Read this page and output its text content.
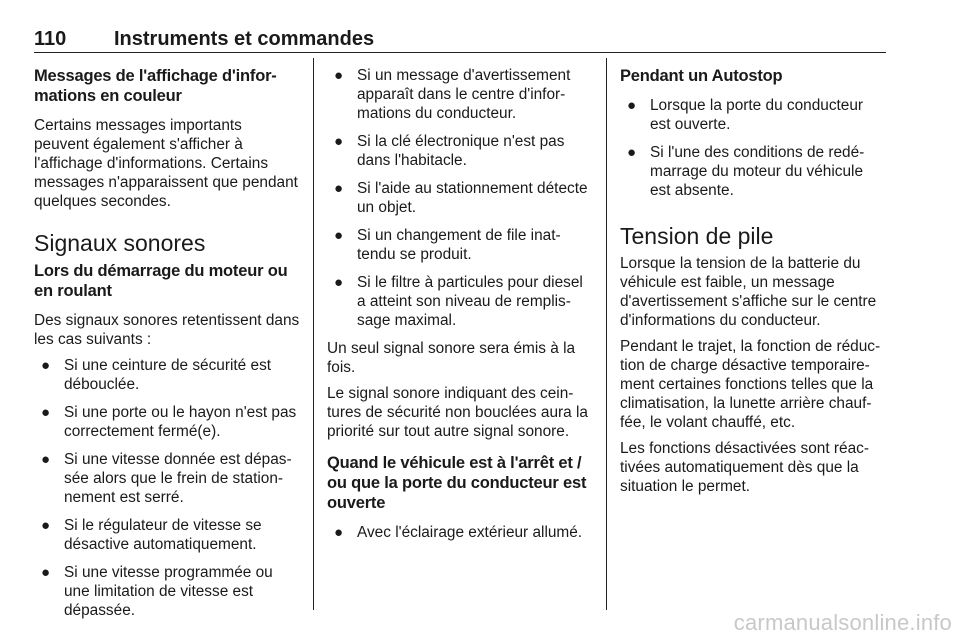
110 Instruments et commandes
Messages de l'affichage d'infor-mations en couleur

Certains messages importants peuvent également s'afficher à l'affichage d'informations. Certains messages n'apparaissent que pendant quelques secondes.

Signaux sonores
Lors du démarrage du moteur ou en roulant

Des signaux sonores retentissent dans les cas suivants :

● Si une ceinture de sécurité est débouclée.
● Si une porte ou le hayon n'est pas correctement fermé(e).
● Si une vitesse donnée est dépas-sée alors que le frein de station-nement est serré.
● Si le régulateur de vitesse se désactive automatiquement.
● Si une vitesse programmée ou une limitation de vitesse est dépassée.
● Si un message d'avertissement apparaît dans le centre d'infor-mations du conducteur.
● Si la clé électronique n'est pas dans l'habitacle.
● Si l'aide au stationnement détecte un objet.
● Si un changement de file inat-tendu se produit.
● Si le filtre à particules pour diesel a atteint son niveau de remplis-sage maximal.

Un seul signal sonore sera émis à la fois.

Le signal sonore indiquant des cein-tures de sécurité non bouclées aura la priorité sur tout autre signal sonore.

Quand le véhicule est à l'arrêt et / ou que la porte du conducteur est ouverte
● Avec l'éclairage extérieur allumé.
Pendant un Autostop
● Lorsque la porte du conducteur est ouverte.
● Si l'une des conditions de redé-marrage du moteur du véhicule est absente.
Tension de pile

Lorsque la tension de la batterie du véhicule est faible, un message d'avertissement s'affiche sur le centre d'informations du conducteur.

Pendant le trajet, la fonction de réduc-tion de charge désactive temporaire-ment certaines fonctions telles que la climatisation, la lunette arrière chauf-fée, le volant chauffé, etc.

Les fonctions désactivées sont réac-tivées automatiquement dès que la situation le permet.

carmanualsonline.info
